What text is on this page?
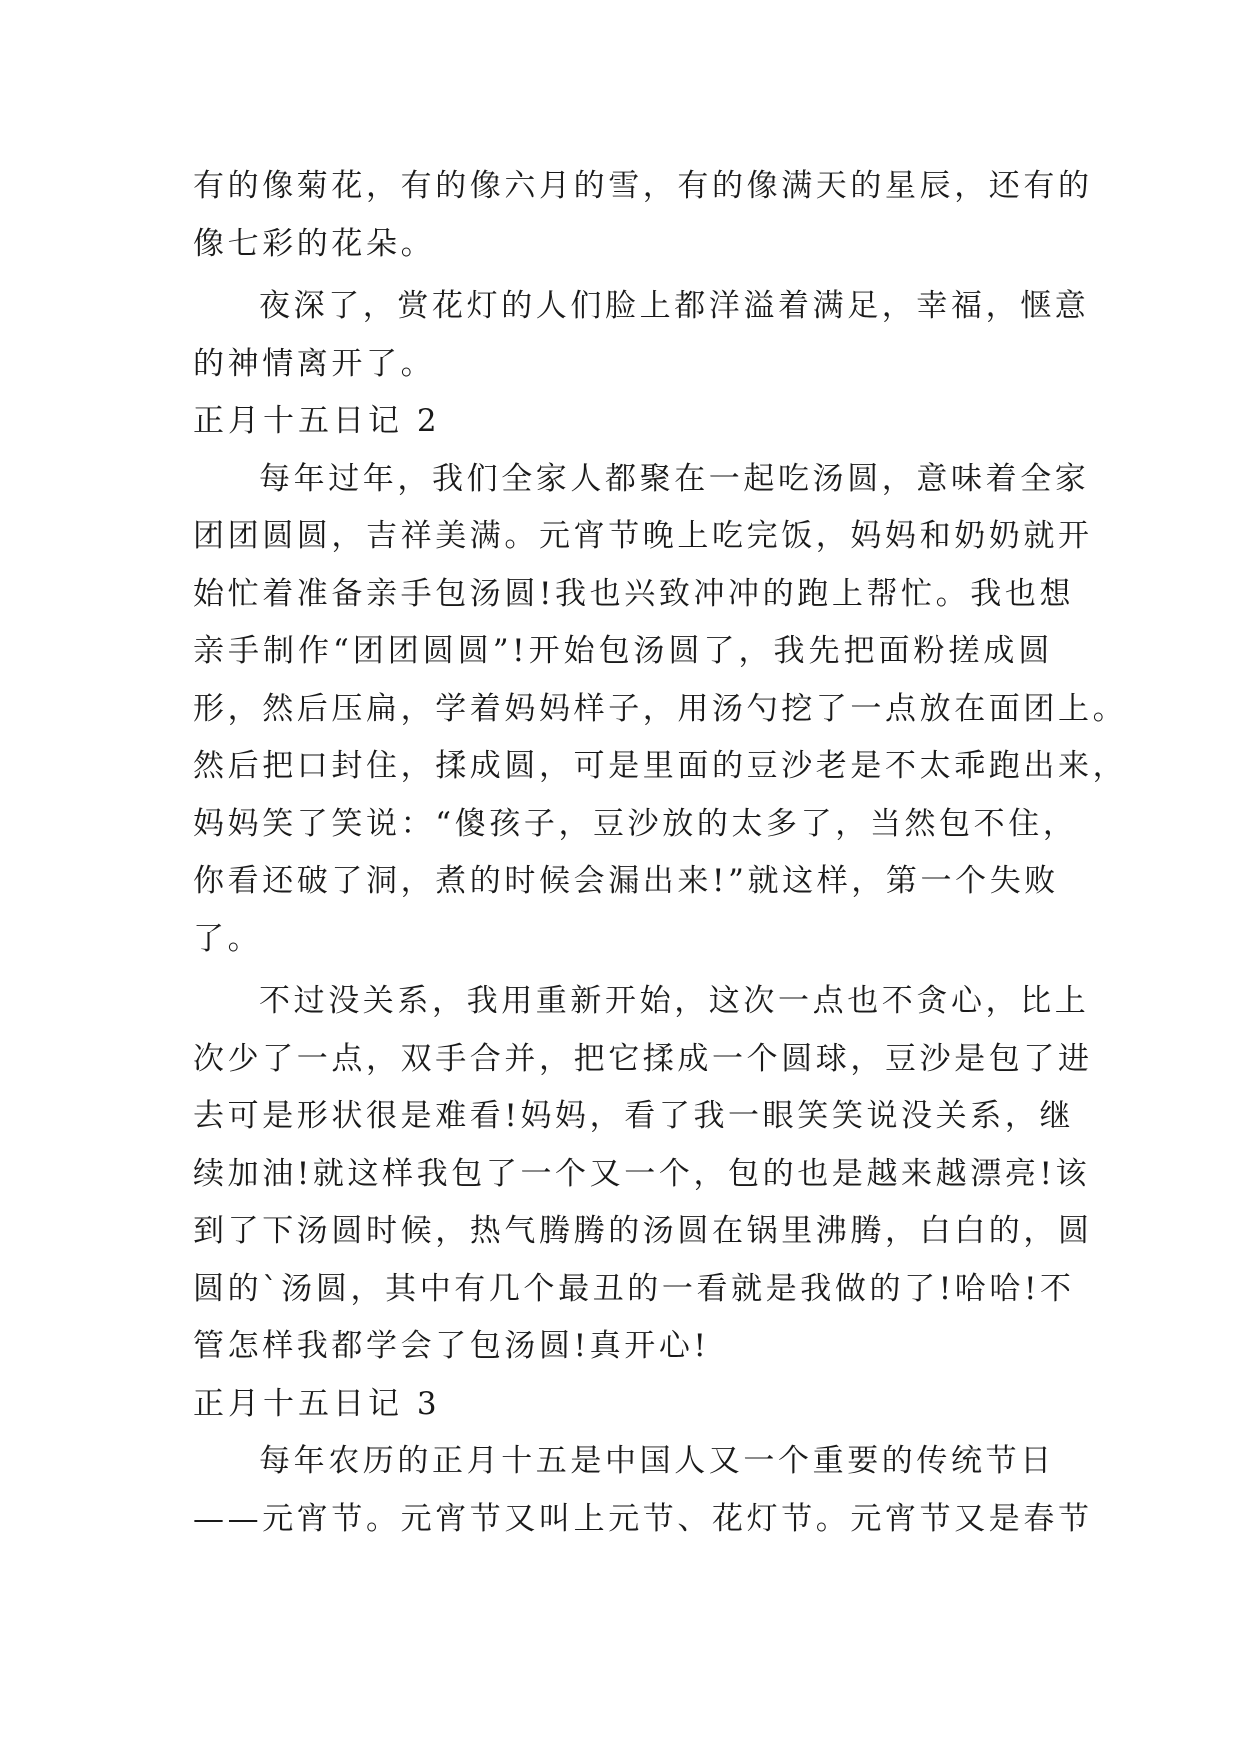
有的像菊花，有的像六月的雪，有的像满天的星辰，还有的
像七彩的花朵。
夜深了，赏花灯的人们脸上都洋溢着满足，幸福，惬意
的神情离开了。
正月十五日记 2
每年过年，我们全家人都聚在一起吃汤圆，意味着全家
团团圆圆，吉祥美满。元宵节晚上吃完饭，妈妈和奶奶就开
始忙着准备亲手包汤圆!我也兴致冲冲的跑上帮忙。我也想
亲手制作“团团圆圆”!开始包汤圆了，我先把面粉搓成圆
形，然后压扁，学着妈妈样子，用汤勺挖了一点放在面团上。
然后把口封住，揉成圆，可是里面的豆沙老是不太乖跑出来，
妈妈笑了笑说：“傻孩子，豆沙放的太多了，当然包不住，
你看还破了洞，煮的时候会漏出来!”就这样，第一个失败
了。
不过没关系，我用重新开始，这次一点也不贪心，比上
次少了一点，双手合并，把它揉成一个圆球，豆沙是包了进
去可是形状很是难看!妈妈，看了我一眼笑笑说没关系，继
续加油!就这样我包了一个又一个，包的也是越来越漂亮!该
到了下汤圆时候，热气腾腾的汤圆在锅里沸腾，白白的，圆
圆的`汤圆，其中有几个最丑的一看就是我做的了!哈哈!不
管怎样我都学会了包汤圆!真开心!
正月十五日记 3
每年农历的正月十五是中国人又一个重要的传统节日
——元宵节。元宵节又叫上元节、花灯节。元宵节又是春节
